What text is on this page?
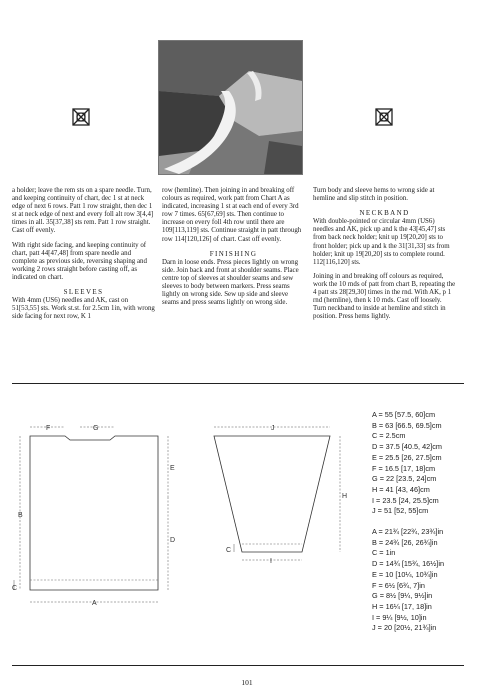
a holder; leave the rem sts on a spare needle. Turn, and keeping continuity of chart, dec 1 st at neck edge of next 6 rows. Patt 1 row straight, then dec 1 st at neck edge of next and every foll alt row 3[4,4] times in all. 35[37,38] sts rem. Patt 1 row straight. Cast off evenly.

With right side facing, and keeping continuity of chart, patt 44[47,48] from spare needle and complete as previous side, reversing shaping and working 2 rows straight before casting off, as indicated on chart.

SLEEVES

With 4mm (US6) needles and AK, cast on 51[53,55] sts. Work st.st. for 2.5cm 1in, with wrong side facing for next row, K 1

row (hemline). Then joining in and breaking off colours as required, work patt from Chart A as indicated, increasing 1 st at each end of every 3rd row 7 times. 65[67,69] sts. Then continue to increase on every foll 4th row until there are 109[113,119] sts. Continue straight in patt through row 114[120,126] of chart. Cast off evenly.

FINISHING

Darn in loose ends. Press pieces lightly on wrong side. Join back and front at shoulder seams. Place centre top of sleeves at shoulder seams and sew sleeves to body between markers. Press seams lightly on wrong side. Sew up side and sleeve seams and press seams lightly on wrong side.

Turn body and sleeve hems to wrong side at hemline and slip stitch in position.

NECKBAND

With double-pointed or circular 4mm (US6) needles and AK, pick up and k the 43[45,47] sts from back neck holder; knit up 19[20,20] sts to front holder; pick up and k the 31[31,33] sts from holder; knit up 19[20,20] sts to complete round. 112[116,120] sts.

Joining in and breaking off colours as required, work the 10 rnds of patt from chart B, repeating the 4 patt sts 28[29,30] times in the rnd. With AK, p 1 rnd (hemline), then k 10 rnds. Cast off loosely. Turn neckband to inside at hemline and stitch in position. Press hems lightly.

F	G
B
E
D
C
A
J
H
C
I
A = 55 [57.5, 60]cm
B = 63 [66.5, 69.5]cm
C = 2.5cm
D = 37.5 [40.5, 42]cm
E = 25.5 [26, 27.5]cm
F = 16.5 [17, 18]cm
G = 22 [23.5, 24]cm
H = 41 [43, 46]cm
I = 23.5 [24, 25.5]cm
J = 51 [52, 55]cm
A = 21¾ [22¾, 23¾]in
B = 24¾ [26, 26¾]in
C = 1in
D = 14¾ [15¾, 16½]in
E = 10 [10¼, 10¾]in
F = 6½ [6¾, 7]in
G = 8½ [9¼, 9½]in
H = 16¼ [17, 18]in
I = 9¼ [9½, 10]in
J = 20 [20½, 21¾]in
101
